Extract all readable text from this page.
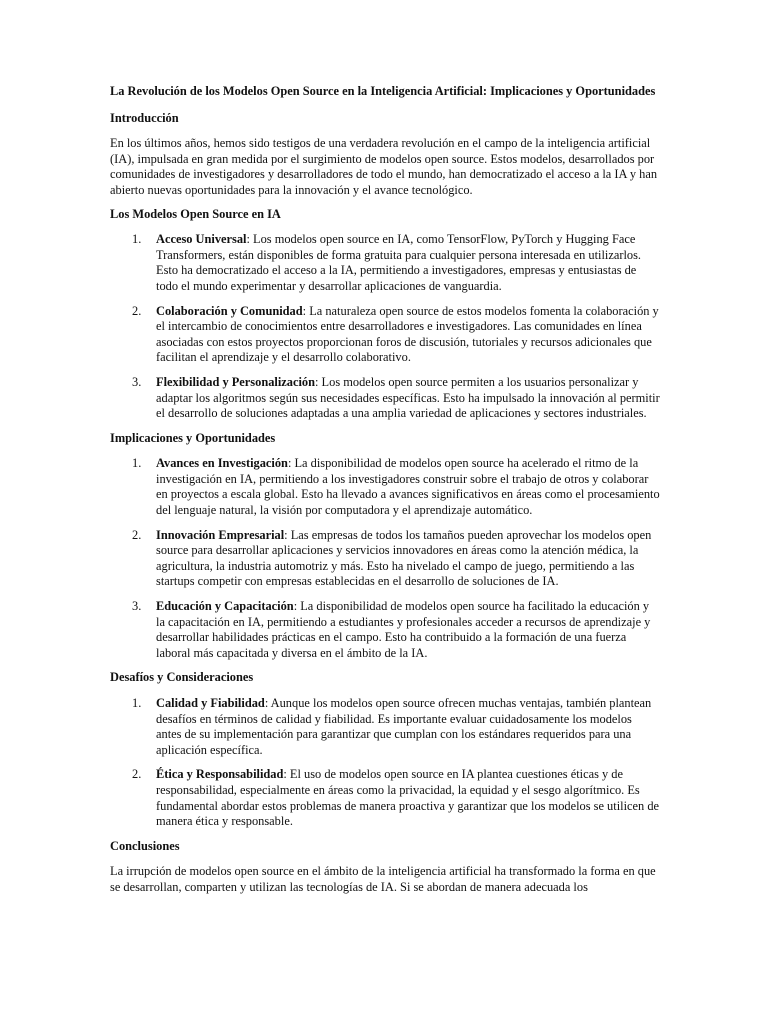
La Revolución de los Modelos Open Source en la Inteligencia Artificial: Implicaciones y Oportunidades

Introducción

En los últimos años, hemos sido testigos de una verdadera revolución en el campo de la inteligencia artificial (IA), impulsada en gran medida por el surgimiento de modelos open source. Estos modelos, desarrollados por comunidades de investigadores y desarrolladores de todo el mundo, han democratizado el acceso a la IA y han abierto nuevas oportunidades para la innovación y el avance tecnológico.

Los Modelos Open Source en IA

1. Acceso Universal: Los modelos open source en IA, como TensorFlow, PyTorch y Hugging Face Transformers, están disponibles de forma gratuita para cualquier persona interesada en utilizarlos. Esto ha democratizado el acceso a la IA, permitiendo a investigadores, empresas y entusiastas de todo el mundo experimentar y desarrollar aplicaciones de vanguardia.
2. Colaboración y Comunidad: La naturaleza open source de estos modelos fomenta la colaboración y el intercambio de conocimientos entre desarrolladores e investigadores. Las comunidades en línea asociadas con estos proyectos proporcionan foros de discusión, tutoriales y recursos adicionales que facilitan el aprendizaje y el desarrollo colaborativo.
3. Flexibilidad y Personalización: Los modelos open source permiten a los usuarios personalizar y adaptar los algoritmos según sus necesidades específicas. Esto ha impulsado la innovación al permitir el desarrollo de soluciones adaptadas a una amplia variedad de aplicaciones y sectores industriales.

Implicaciones y Oportunidades

1. Avances en Investigación: La disponibilidad de modelos open source ha acelerado el ritmo de la investigación en IA, permitiendo a los investigadores construir sobre el trabajo de otros y colaborar en proyectos a escala global. Esto ha llevado a avances significativos en áreas como el procesamiento del lenguaje natural, la visión por computadora y el aprendizaje automático.
2. Innovación Empresarial: Las empresas de todos los tamaños pueden aprovechar los modelos open source para desarrollar aplicaciones y servicios innovadores en áreas como la atención médica, la agricultura, la industria automotriz y más. Esto ha nivelado el campo de juego, permitiendo a las startups competir con empresas establecidas en el desarrollo de soluciones de IA.
3. Educación y Capacitación: La disponibilidad de modelos open source ha facilitado la educación y la capacitación en IA, permitiendo a estudiantes y profesionales acceder a recursos de aprendizaje y desarrollar habilidades prácticas en el campo. Esto ha contribuido a la formación de una fuerza laboral más capacitada y diversa en el ámbito de la IA.

Desafíos y Consideraciones

1. Calidad y Fiabilidad: Aunque los modelos open source ofrecen muchas ventajas, también plantean desafíos en términos de calidad y fiabilidad. Es importante evaluar cuidadosamente los modelos antes de su implementación para garantizar que cumplan con los estándares requeridos para una aplicación específica.
2. Ética y Responsabilidad: El uso de modelos open source en IA plantea cuestiones éticas y de responsabilidad, especialmente en áreas como la privacidad, la equidad y el sesgo algorítmico. Es fundamental abordar estos problemas de manera proactiva y garantizar que los modelos se utilicen de manera ética y responsable.

Conclusiones

La irrupción de modelos open source en el ámbito de la inteligencia artificial ha transformado la forma en que se desarrollan, comparten y utilizan las tecnologías de IA. Si se abordan de manera adecuada los
